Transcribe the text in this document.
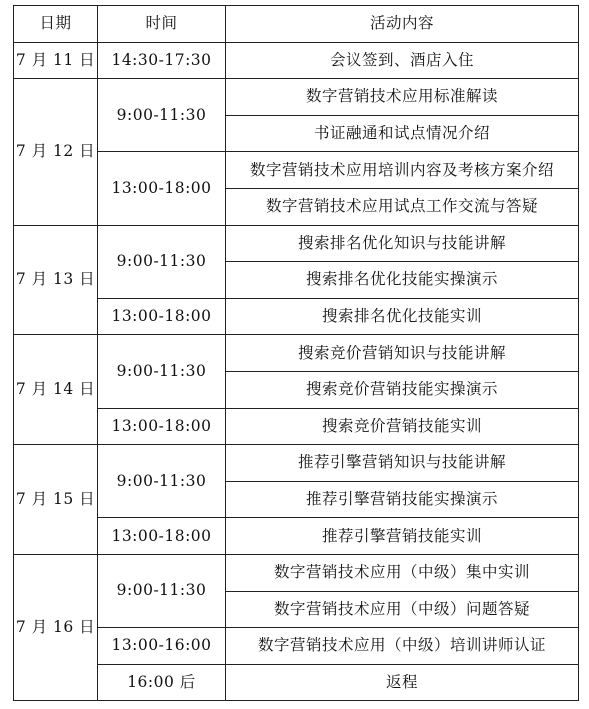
日期	时间	活动内容
7 月 11 日	14:30-17:30	会议签到、酒店入住
7 月 12 日	9:00-11:30	数字营销技术应用标准解读
		书证融通和试点情况介绍
	13:00-18:00	数字营销技术应用培训内容及考核方案介绍
		数字营销技术应用试点工作交流与答疑
7 月 13 日	9:00-11:30	搜索排名优化知识与技能讲解
		搜索排名优化技能实操演示
	13:00-18:00	搜索排名优化技能实训
7 月 14 日	9:00-11:30	搜索竞价营销知识与技能讲解
		搜索竞价营销技能实操演示
	13:00-18:00	搜索竞价营销技能实训
7 月 15 日	9:00-11:30	推荐引擎营销知识与技能讲解
		推荐引擎营销技能实操演示
	13:00-18:00	推荐引擎营销技能实训
7 月 16 日	9:00-11:30	数字营销技术应用（中级）集中实训
		数字营销技术应用（中级）问题答疑
	13:00-16:00	数字营销技术应用（中级）培训讲师认证
	16:00 后	返程
